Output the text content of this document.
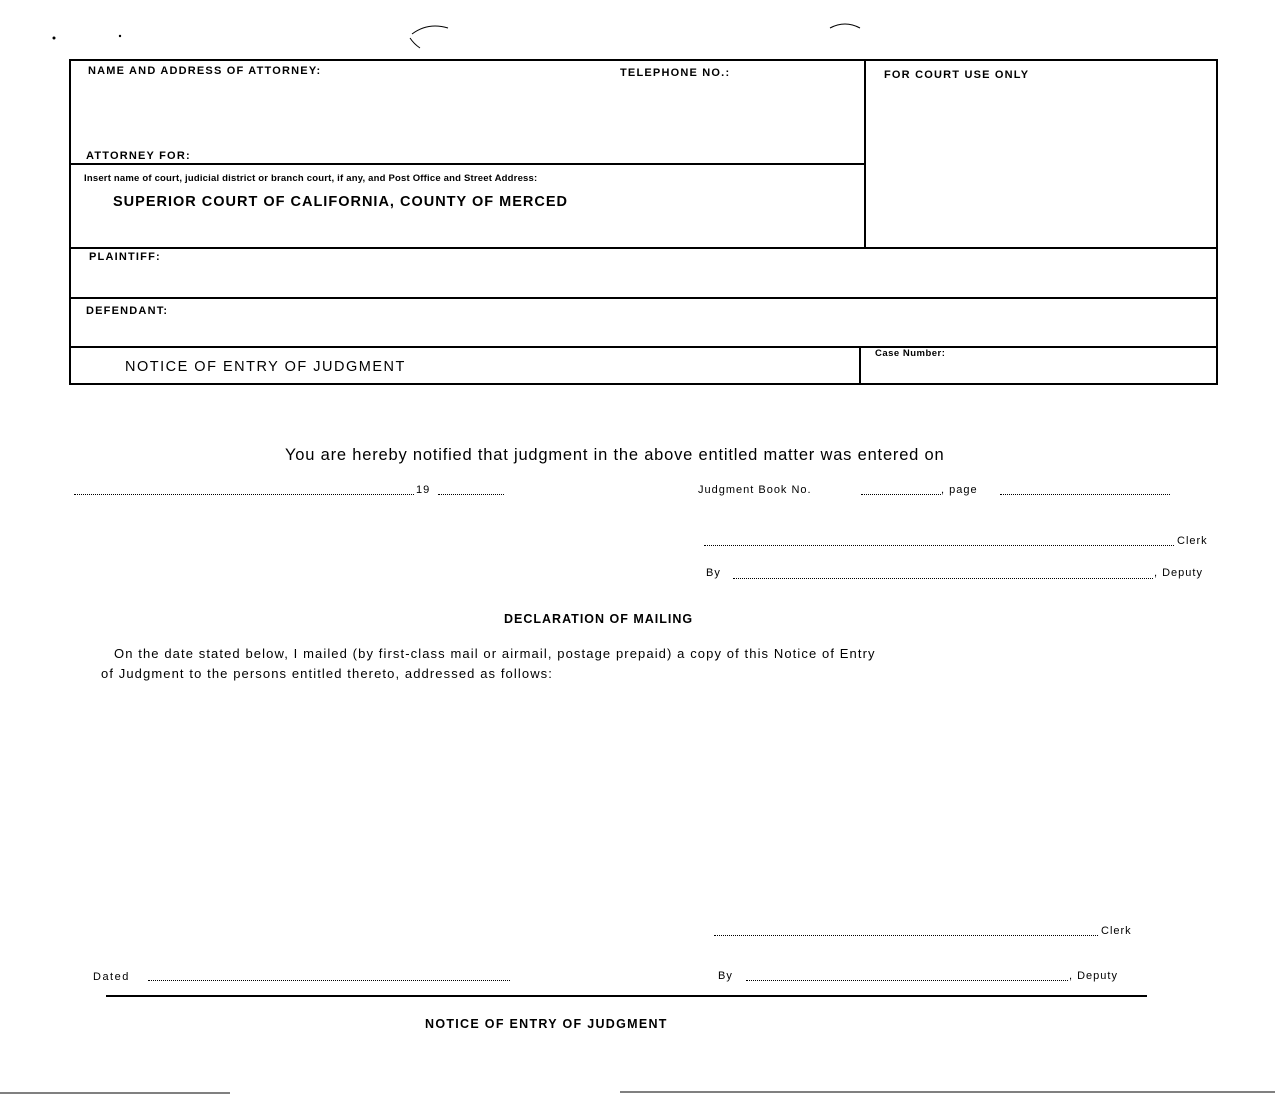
NAME AND ADDRESS OF ATTORNEY:	TELEPHONE NO.:	FOR COURT USE ONLY
ATTORNEY FOR:
Insert name of court, judicial district or branch court, if any, and Post Office and Street Address:
SUPERIOR COURT OF CALIFORNIA, COUNTY OF MERCED
PLAINTIFF:
DEFENDANT:
NOTICE OF ENTRY OF JUDGMENT
Case Number:
You are hereby notified that judgment in the above entitled matter was entered on
19	Judgment Book No.	, page
Clerk
By	, Deputy
DECLARATION OF MAILING
On the date stated below, I mailed (by first-class mail or airmail, postage prepaid) a copy of this Notice of Entry
of Judgment to the persons entitled thereto, addressed as follows:
Clerk
Dated	By	, Deputy
NOTICE OF ENTRY OF JUDGMENT
